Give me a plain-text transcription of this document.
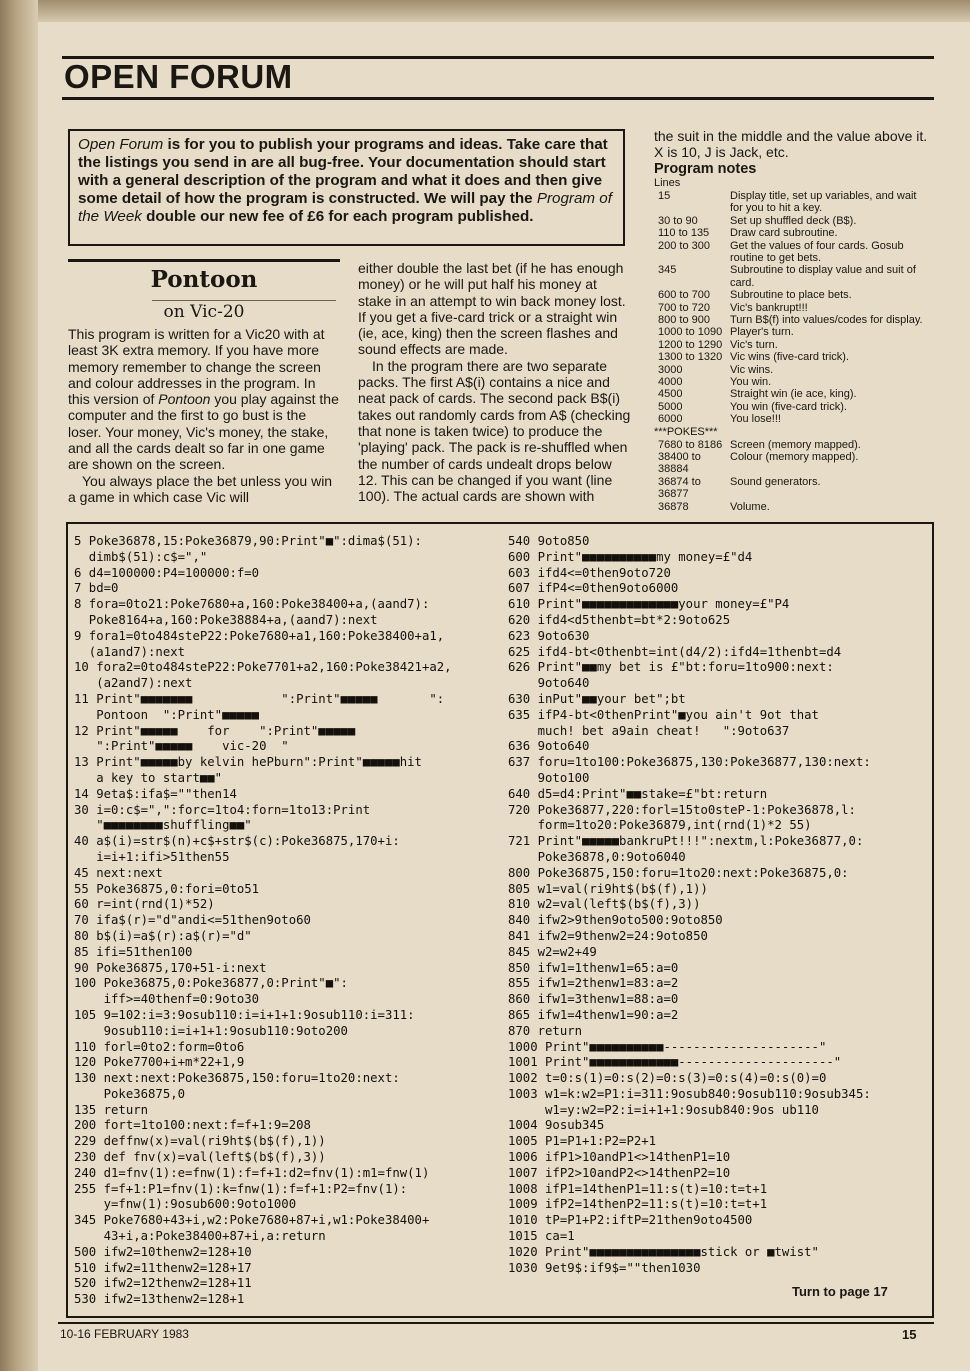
OPEN FORUM
Open Forum is for you to publish your programs and ideas. Take care that the listings you send in are all bug-free. Your documentation should start with a general description of the program and what it does and then give some detail of how the program is constructed. We will pay the Program of the Week double our new fee of £6 for each program published.
Pontoon
on Vic-20

This program is written for a Vic20 with at least 3K extra memory. If you have more memory remember to change the screen and colour addresses in the program. In this version of Pontoon you play against the computer and the first to go bust is the loser. Your money, Vic's money, the stake, and all the cards dealt so far in one game are shown on the screen.

You always place the bet unless you win a game in which case Vic will

either double the last bet (if he has enough money) or he will put half his money at stake in an attempt to win back money lost. If you get a five-card trick or a straight win (ie, ace, king) then the screen flashes and sound effects are made.

In the program there are two separate packs. The first A$(i) contains a nice and neat pack of cards. The second pack B$(i) takes out randomly cards from A$ (checking that none is taken twice) to produce the 'playing' pack. The pack is re-shuffled when the number of cards undealt drops below 12. This can be changed if you want (line 100). The actual cards are shown with

the suit in the middle and the value above it. X is 10, J is Jack, etc.

Program notes
Lines
15	Display title, set up variables, and wait for you to hit a key.
30 to 90	Set up shuffled deck (B$).
110 to 135	Draw card subroutine.
200 to 300	Get the values of four cards. Gosub routine to get bets.
345	Subroutine to display value and suit of card.
600 to 700	Subroutine to place bets.
700 to 720	Vic's bankrupt!!!
800 to 900	Turn B$(f) into values/codes for display.
1000 to 1090	Player's turn.
1200 to 1290	Vic's turn.
1300 to 1320	Vic wins (five-card trick).
3000	Vic wins.
4000	You win.
4500	Straight win (ie ace, king).
5000	You win (five-card trick).
6000	You lose!!!
***POKES***
7680 to 8186	Screen (memory mapped).
38400 to 38884	Colour (memory mapped).
36874 to 36877	Sound generators.
36878	Volume.
5 Poke36878,15:Poke36879,90:Print"■":dima$(51):
dimb$(51):c$=","
6 d4=100000:P4=100000:f=0
7 bd=0
8 fora=0to21:Poke7680+a,160:Poke38400+a,(aand7):
Poke8164+a,160:Poke38884+a,(aand7):next
9 fora1=0to484steP22:Poke7680+a1,160:Poke38400+a1,
(a1and7):next
10 fora2=0to484steP22:Poke7701+a2,160:Poke38421+a2,
(a2and7):next
11 Print"■■■■■■■            ":Print"■■■■■       ":
Pontoon  ":Print"■■■■■
12 Print"■■■■■    for    ":Print"■■■■■
":Print"■■■■■    vic-20  "
13 Print"■■■■■by kelvin hePburn":Print"■■■■■hit
a key to start■■"
14 9eta$:ifa$=""then14
30 i=0:c$=",":forc=1to4:forn=1to13:Print
"■■■■■■■■shuffling■■"
40 a$(i)=str$(n)+c$+str$(c):Poke36875,170+i:
i=i+1:ifi>51then55
45 next:next
55 Poke36875,0:fori=0to51
60 r=int(rnd(1)*52)
70 ifa$(r)="d"andi<=51then9oto60
80 b$(i)=a$(r):a$(r)="d"
85 ifi=51then100
90 Poke36875,170+51-i:next
100 Poke36875,0:Poke36877,0:Print"■":
iff>=40thenf=0:9oto30
105 9=102:i=3:9osub110:i=i+1+1:9osub110:i=311:
9osub110:i=i+1+1:9osub110:9oto200
110 forl=0to2:form=0to6
120 Poke7700+i+m*22+1,9
130 next:next:Poke36875,150:foru=1to20:next:
Poke36875,0
135 return
200 fort=1to100:next:f=f+1:9=208
229 deffnw(x)=val(ri9ht$(b$(f),1))
230 def fnv(x)=val(left$(b$(f),3))
240 d1=fnv(1):e=fnw(1):f=f+1:d2=fnv(1):m1=fnw(1)
255 f=f+1:P1=fnv(1):k=fnw(1):f=f+1:P2=fnv(1):
y=fnw(1):9osub600:9oto1000
345 Poke7680+43+i,w2:Poke7680+87+i,w1:Poke38400+
43+i,a:Poke38400+87+i,a:return
500 ifw2=10thenw2=128+10
510 ifw2=11thenw2=128+17
520 ifw2=12thenw2=128+11
530 ifw2=13thenw2=128+1
540 9oto850
600 Print"■■■■■■■■■■my money=£"d4
603 ifd4<=0then9oto720
607 ifP4<=0then9oto6000
610 Print"■■■■■■■■■■■■■your money=£"P4
620 ifd4<d5thenbt=bt*2:9oto625
623 9oto630
625 ifd4-bt<0thenbt=int(d4/2):ifd4=1thenbt=d4
626 Print"■■my bet is £"bt:foru=1to900:next:
9oto640
630 inPut"■■your bet";bt
635 ifP4-bt<0thenPrint"■you ain't 9ot that
much! bet a9ain cheat!   ":9oto637
636 9oto640
637 foru=1to100:Poke36875,130:Poke36877,130:next:
9oto100
640 d5=d4:Print"■■stake=£"bt:return
720 Poke36877,220:forl=15to0steP-1:Poke36878,l:
form=1to20:Poke36879,int(rnd(1)*2 55)
721 Print"■■■■■bankruPt!!!":nextm,l:Poke36877,0:
Poke36878,0:9oto6040
800 Poke36875,150:foru=1to20:next:Poke36875,0:
805 w1=val(ri9ht$(b$(f),1))
810 w2=val(left$(b$(f),3))
840 ifw2>9then9oto500:9oto850
841 ifw2=9thenw2=24:9oto850
845 w2=w2+49
850 ifw1=1thenw1=65:a=0
855 ifw1=2thenw1=83:a=2
860 ifw1=3thenw1=88:a=0
865 ifw1=4thenw1=90:a=2
870 return
1000 Print"■■■■■■■■■■---------------------"
1001 Print"■■■■■■■■■■■■---------------------"
1002 t=0:s(1)=0:s(2)=0:s(3)=0:s(4)=0:s(0)=0
1003 w1=k:w2=P1:i=311:9osub840:9osub110:9osub345:
w1=y:w2=P2:i=i+1+1:9osub840:9os ub110
1004 9osub345
1005 P1=P1+1:P2=P2+1
1006 ifP1>10andP1<>14thenP1=10
1007 ifP2>10andP2<>14thenP2=10
1008 ifP1=14thenP1=11:s(t)=10:t=t+1
1009 ifP2=14thenP2=11:s(t)=10:t=t+1
1010 tP=P1+P2:iftP=21then9oto4500
1015 ca=1
1020 Print"■■■■■■■■■■■■■■■stick or ■twist"
1030 9et9$:if9$=""then1030
Turn to page 17
10-16 FEBRUARY 1983	15
